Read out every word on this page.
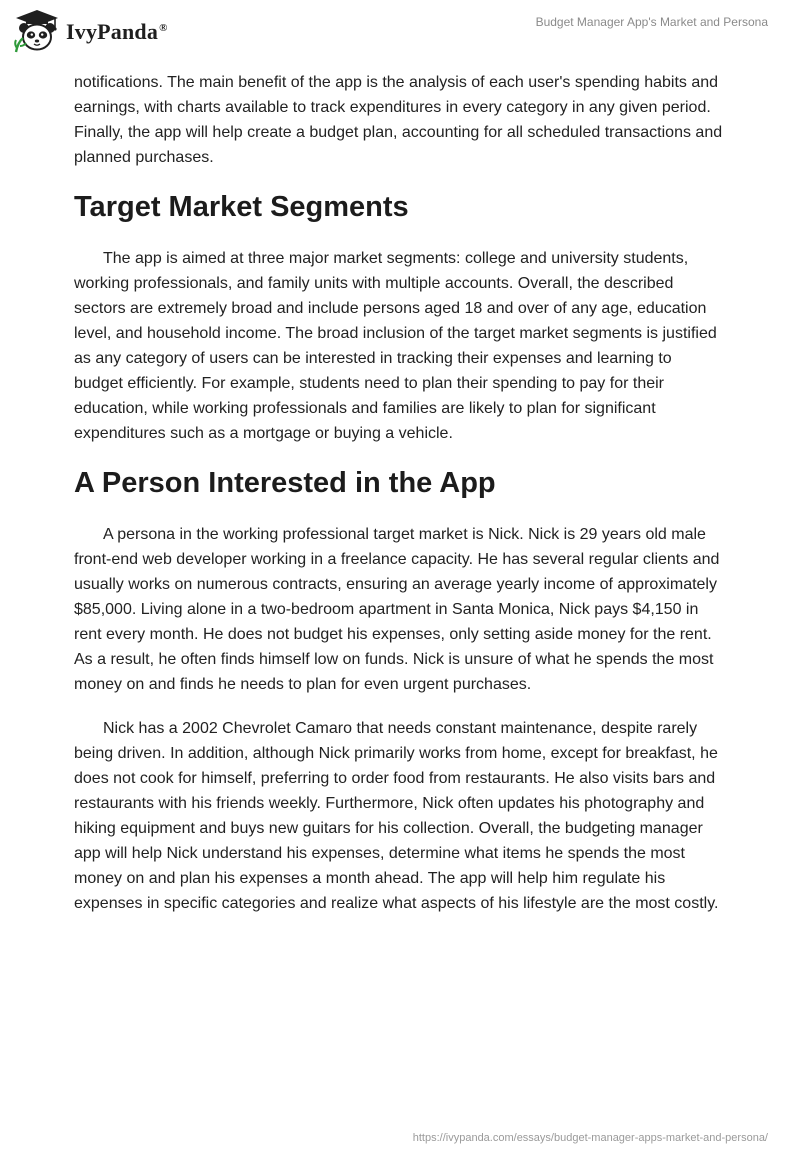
IvyPanda®	Budget Manager App's Market and Persona

notifications. The main benefit of the app is the analysis of each user's spending habits and earnings, with charts available to track expenditures in every category in any given period. Finally, the app will help create a budget plan, accounting for all scheduled transactions and planned purchases.

Target Market Segments

The app is aimed at three major market segments: college and university students, working professionals, and family units with multiple accounts. Overall, the described sectors are extremely broad and include persons aged 18 and over of any age, education level, and household income. The broad inclusion of the target market segments is justified as any category of users can be interested in tracking their expenses and learning to budget efficiently. For example, students need to plan their spending to pay for their education, while working professionals and families are likely to plan for significant expenditures such as a mortgage or buying a vehicle.

A Person Interested in the App

A persona in the working professional target market is Nick. Nick is 29 years old male front-end web developer working in a freelance capacity. He has several regular clients and usually works on numerous contracts, ensuring an average yearly income of approximately $85,000. Living alone in a two-bedroom apartment in Santa Monica, Nick pays $4,150 in rent every month. He does not budget his expenses, only setting aside money for the rent. As a result, he often finds himself low on funds. Nick is unsure of what he spends the most money on and finds he needs to plan for even urgent purchases.

Nick has a 2002 Chevrolet Camaro that needs constant maintenance, despite rarely being driven. In addition, although Nick primarily works from home, except for breakfast, he does not cook for himself, preferring to order food from restaurants. He also visits bars and restaurants with his friends weekly. Furthermore, Nick often updates his photography and hiking equipment and buys new guitars for his collection. Overall, the budgeting manager app will help Nick understand his expenses, determine what items he spends the most money on and plan his expenses a month ahead. The app will help him regulate his expenses in specific categories and realize what aspects of his lifestyle are the most costly.

https://ivypanda.com/essays/budget-manager-apps-market-and-persona/
